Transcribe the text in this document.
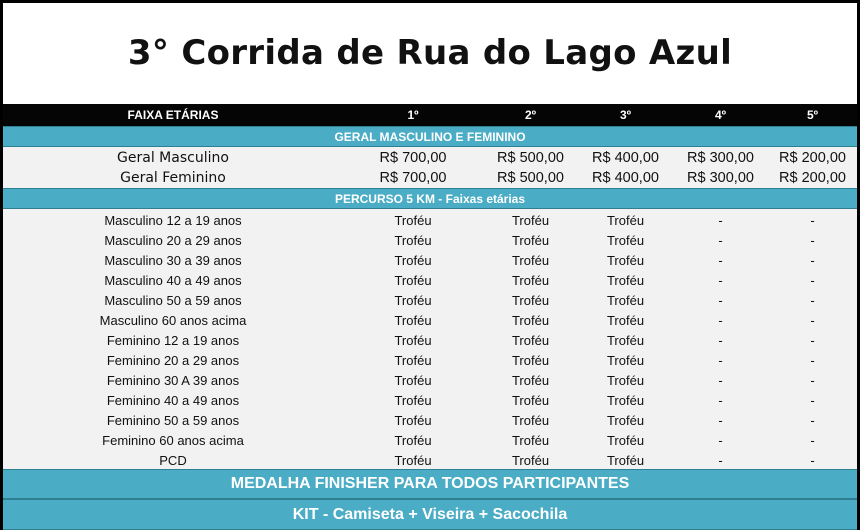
3° Corrida de Rua do Lago Azul
FAIXA ETÁRIAS	1º	2º	3º	4º	5º
GERAL MASCULINO E FEMININO
Geral Masculino	R$ 700,00	R$ 500,00	R$ 400,00	R$ 300,00	R$ 200,00
Geral Feminino	R$ 700,00	R$ 500,00	R$ 400,00	R$ 300,00	R$ 200,00
PERCURSO 5 KM - Faixas etárias
Masculino 12 a 19 anos	Troféu	Troféu	Troféu	-	-
Masculino 20 a 29 anos	Troféu	Troféu	Troféu	-	-
Masculino 30 a 39 anos	Troféu	Troféu	Troféu	-	-
Masculino 40 a 49 anos	Troféu	Troféu	Troféu	-	-
Masculino 50 a 59 anos	Troféu	Troféu	Troféu	-	-
Masculino 60 anos acima	Troféu	Troféu	Troféu	-	-
Feminino 12 a 19 anos	Troféu	Troféu	Troféu	-	-
Feminino 20 a 29 anos	Troféu	Troféu	Troféu	-	-
Feminino 30 A 39 anos	Troféu	Troféu	Troféu	-	-
Feminino 40 a 49 anos	Troféu	Troféu	Troféu	-	-
Feminino 50 a 59 anos	Troféu	Troféu	Troféu	-	-
Feminino 60 anos acima	Troféu	Troféu	Troféu	-	-
PCD	Troféu	Troféu	Troféu	-	-
MEDALHA FINISHER PARA TODOS PARTICIPANTES
KIT - Camiseta + Viseira + Sacochila
